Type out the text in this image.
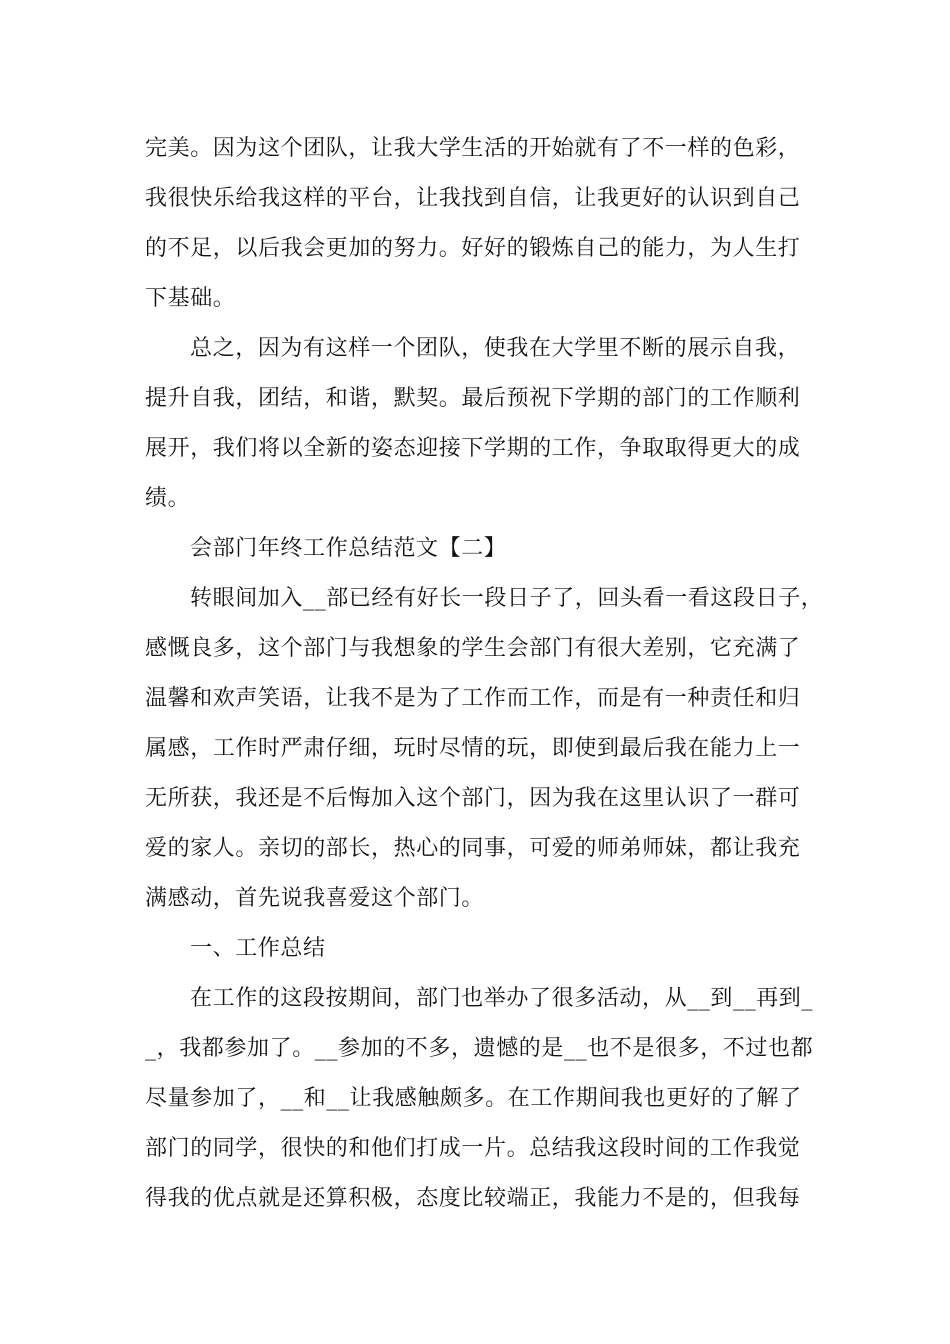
完美。因为这个团队，让我大学生活的开始就有了不一样的色彩，
我很快乐给我这样的平台，让我找到自信，让我更好的认识到自己
的不足，以后我会更加的努力。好好的锻炼自己的能力，为人生打
下基础。
总之，因为有这样一个团队，使我在大学里不断的展示自我，
提升自我，团结，和谐，默契。最后预祝下学期的部门的工作顺利
展开，我们将以全新的姿态迎接下学期的工作，争取取得更大的成
绩。
会部门年终工作总结范文【二】
转眼间加入__部已经有好长一段日子了，回头看一看这段日子，
感慨良多，这个部门与我想象的学生会部门有很大差别，它充满了
温馨和欢声笑语，让我不是为了工作而工作，而是有一种责任和归
属感，工作时严肃仔细，玩时尽情的玩，即使到最后我在能力上一
无所获，我还是不后悔加入这个部门，因为我在这里认识了一群可
爱的家人。亲切的部长，热心的同事，可爱的师弟师妹，都让我充
满感动，首先说我喜爱这个部门。
一、工作总结
在工作的这段按期间，部门也举办了很多活动，从__到__再到_
_，我都参加了。__参加的不多，遗憾的是__也不是很多，不过也都
尽量参加了，__和__让我感触颇多。在工作期间我也更好的了解了
部门的同学，很快的和他们打成一片。总结我这段时间的工作我觉
得我的优点就是还算积极，态度比较端正，我能力不是的，但我每
